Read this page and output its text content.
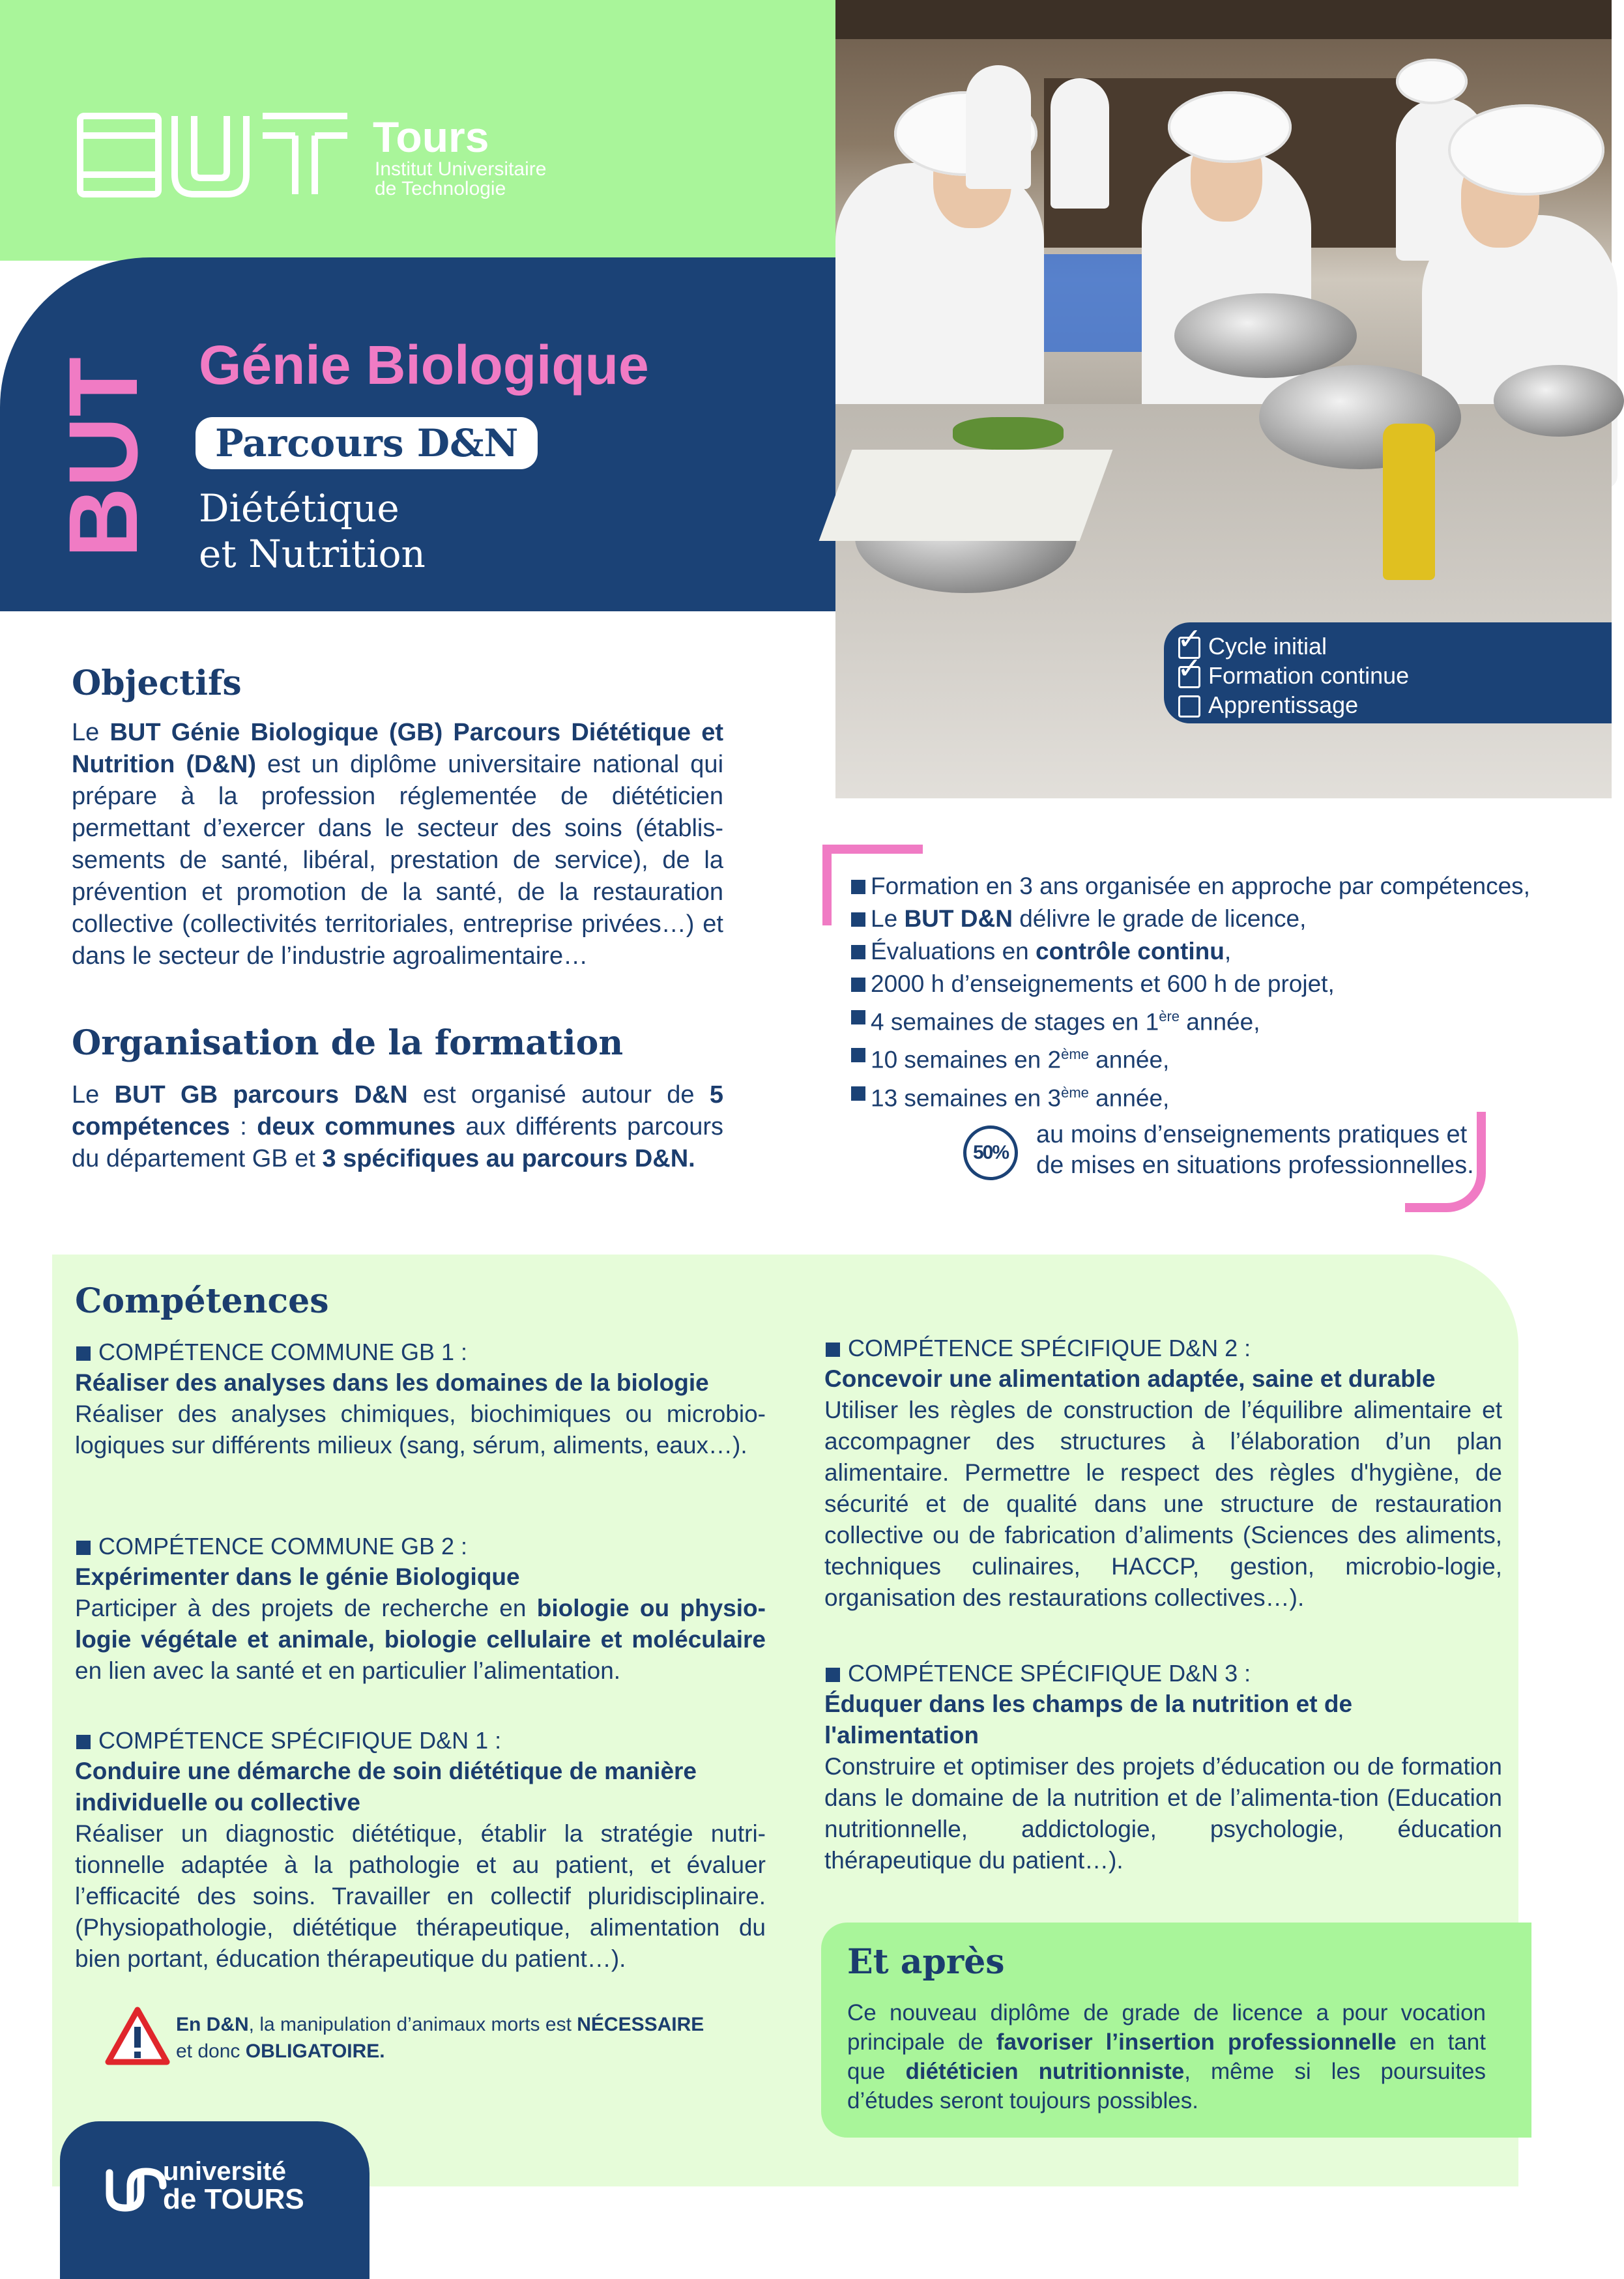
Tours
Institut Universitaire
de Technologie
BUT Génie Biologique
Parcours D&N
Diététique
et Nutrition
✓ Cycle initial
✓ Formation continue
Apprentissage
Objectifs
Le BUT Génie Biologique (GB) Parcours Diététique et Nutrition (D&N) est un diplôme universitaire national qui prépare à la profession réglementée de diététicien permettant d’exercer dans le secteur des soins (établis-sements de santé, libéral, prestation de service), de la prévention et promotion de la santé, de la restauration collective (collectivités territoriales, entreprise privées…) et dans le secteur de l’industrie agroalimentaire…
Organisation de la formation
Le BUT GB parcours D&N est organisé autour de 5 compétences : deux communes aux différents parcours du département GB et 3 spécifiques au parcours D&N.
Formation en 3 ans organisée en approche par compétences,
Le BUT D&N délivre le grade de licence,
Évaluations en contrôle continu,
2000 h d’enseignements et 600 h de projet,
4 semaines de stages en 1ère année,
10 semaines en 2ème année,
13 semaines en 3ème année,
50%
au moins d’enseignements pratiques et
de mises en situations professionnelles.
Compétences
COMPÉTENCE COMMUNE GB 1 :
Réaliser des analyses dans les domaines de la biologie
Réaliser des analyses chimiques, biochimiques ou microbio-logiques sur différents milieux (sang, sérum, aliments, eaux…).
COMPÉTENCE COMMUNE GB 2 :
Expérimenter dans le génie Biologique
Participer à des projets de recherche en biologie ou physio-logie végétale et animale, biologie cellulaire et moléculaire en lien avec la santé et en particulier l’alimentation.
COMPÉTENCE SPÉCIFIQUE D&N 1 :
Conduire une démarche de soin diététique de manière individuelle ou collective
Réaliser un diagnostic diététique, établir la stratégie nutri-tionnelle adaptée à la pathologie et au patient, et évaluer l’efficacité des soins. Travailler en collectif pluridisciplinaire. (Physiopathologie, diététique thérapeutique, alimentation du bien portant, éducation thérapeutique du patient…).
COMPÉTENCE SPÉCIFIQUE D&N 2 :
Concevoir une alimentation adaptée, saine et durable
Utiliser les règles de construction de l’équilibre alimentaire et accompagner des structures à l’élaboration d’un plan alimentaire. Permettre le respect des règles d'hygiène, de sécurité et de qualité dans une structure de restauration collective ou de fabrication d’aliments (Sciences des aliments, techniques culinaires, HACCP, gestion, microbio-logie, organisation des restaurations collectives…).
COMPÉTENCE SPÉCIFIQUE D&N 3 :
Éduquer dans les champs de la nutrition et de l'alimentation
Construire et optimiser des projets d’éducation ou de formation dans le domaine de la nutrition et de l’alimenta-tion (Education nutritionnelle, addictologie, psychologie, éducation thérapeutique du patient…).
En D&N, la manipulation d’animaux morts est NÉCESSAIRE
et donc OBLIGATOIRE.
Et après
Ce nouveau diplôme de grade de licence a pour vocation principale de favoriser l’insertion professionnelle en tant que diététicien nutritionniste, même si les poursuites d’études seront toujours possibles.
université
de TOURS
